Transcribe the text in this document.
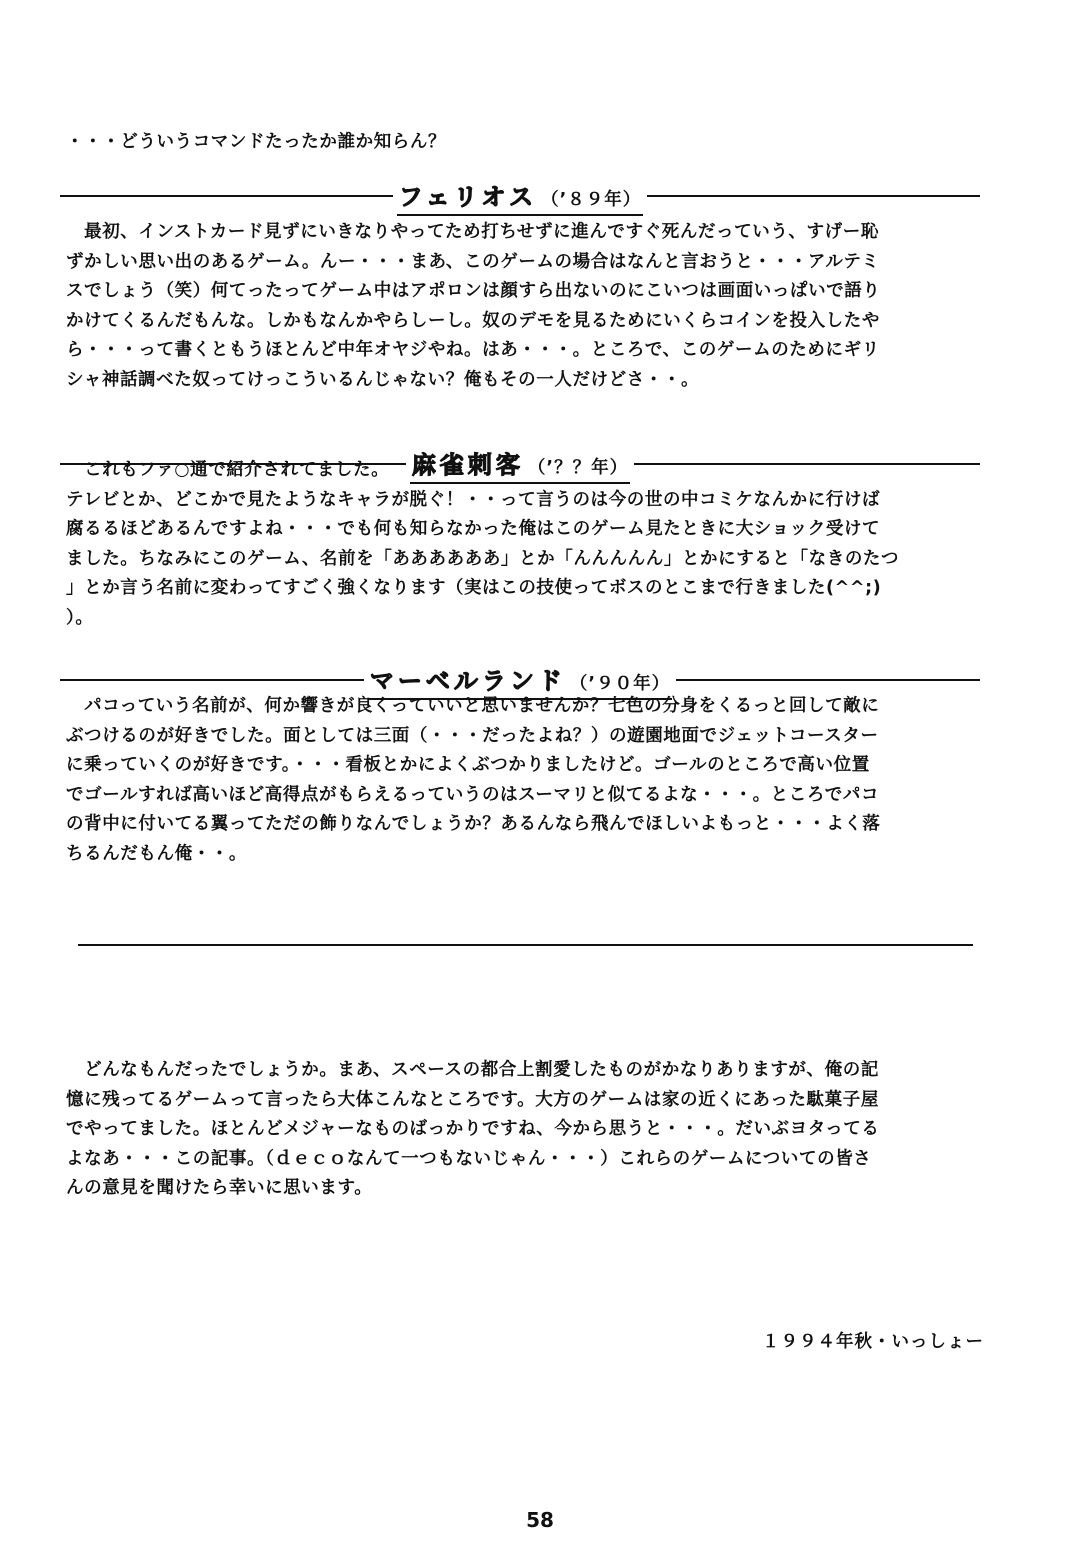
・・・どういうコマンドたったか誰か知らん？
フェリオス （’８９年）
　最初、インストカード見ずにいきなりやってため打ちせずに進んですぐ死んだっていう、すげー恥
ずかしい思い出のあるゲーム。んー・・・まあ、このゲームの場合はなんと言おうと・・・アルテミ
スでしょう（笑）何てったってゲーム中はアポロンは顔すら出ないのにこいつは画面いっぱいで語り
かけてくるんだもんな。しかもなんかやらしーし。奴のデモを見るためにいくらコインを投入したや
ら・・・って書くともうほとんど中年オヤジやね。はあ・・・。ところで、このゲームのためにギリ
シャ神話調べた奴ってけっこういるんじゃない？俺もその一人だけどさ・・。
麻雀刺客 （’？？年）
　これもファ○通で紹介されてました。
テレビとか、どこかで見たようなキャラが脱ぐ！・・って言うのは今の世の中コミケなんかに行けば
腐るるほどあるんですよね・・・でも何も知らなかった俺はこのゲーム見たときに大ショック受けて
ました。ちなみにこのゲーム、名前を「ああああああ」とか「んんんんん」とかにすると「なきのたつ
」とか言う名前に変わってすごく強くなります（実はこの技使ってボスのとこまで行きました(^^;)
）。
マーベルランド （’９０年）
　パコっていう名前が、何か響きが良くっていいと思いませんか？七色の分身をくるっと回して敵に
ぶつけるのが好きでした。面としては三面（・・・だったよね？）の遊園地面でジェットコースター
に乗っていくのが好きです。・・・看板とかによくぶつかりましたけど。ゴールのところで高い位置
でゴールすれば高いほど高得点がもらえるっていうのはスーマリと似てるよな・・・。ところでパコ
の背中に付いてる翼ってただの飾りなんでしょうか？あるんなら飛んでほしいよもっと・・・よく落
ちるんだもん俺・・。
　どんなもんだったでしょうか。まあ、スペースの都合上割愛したものがかなりありますが、俺の記
憶に残ってるゲームって言ったら大体こんなところです。大方のゲームは家の近くにあった駄菓子屋
でやってました。ほとんどメジャーなものばっかりですね、今から思うと・・・。だいぶヨタってる
よなあ・・・この記事。（ｄｅｃｏなんて一つもないじゃん・・・）これらのゲームについての皆さ
んの意見を聞けたら幸いに思います。
１９９４年秋・いっしょー
58
